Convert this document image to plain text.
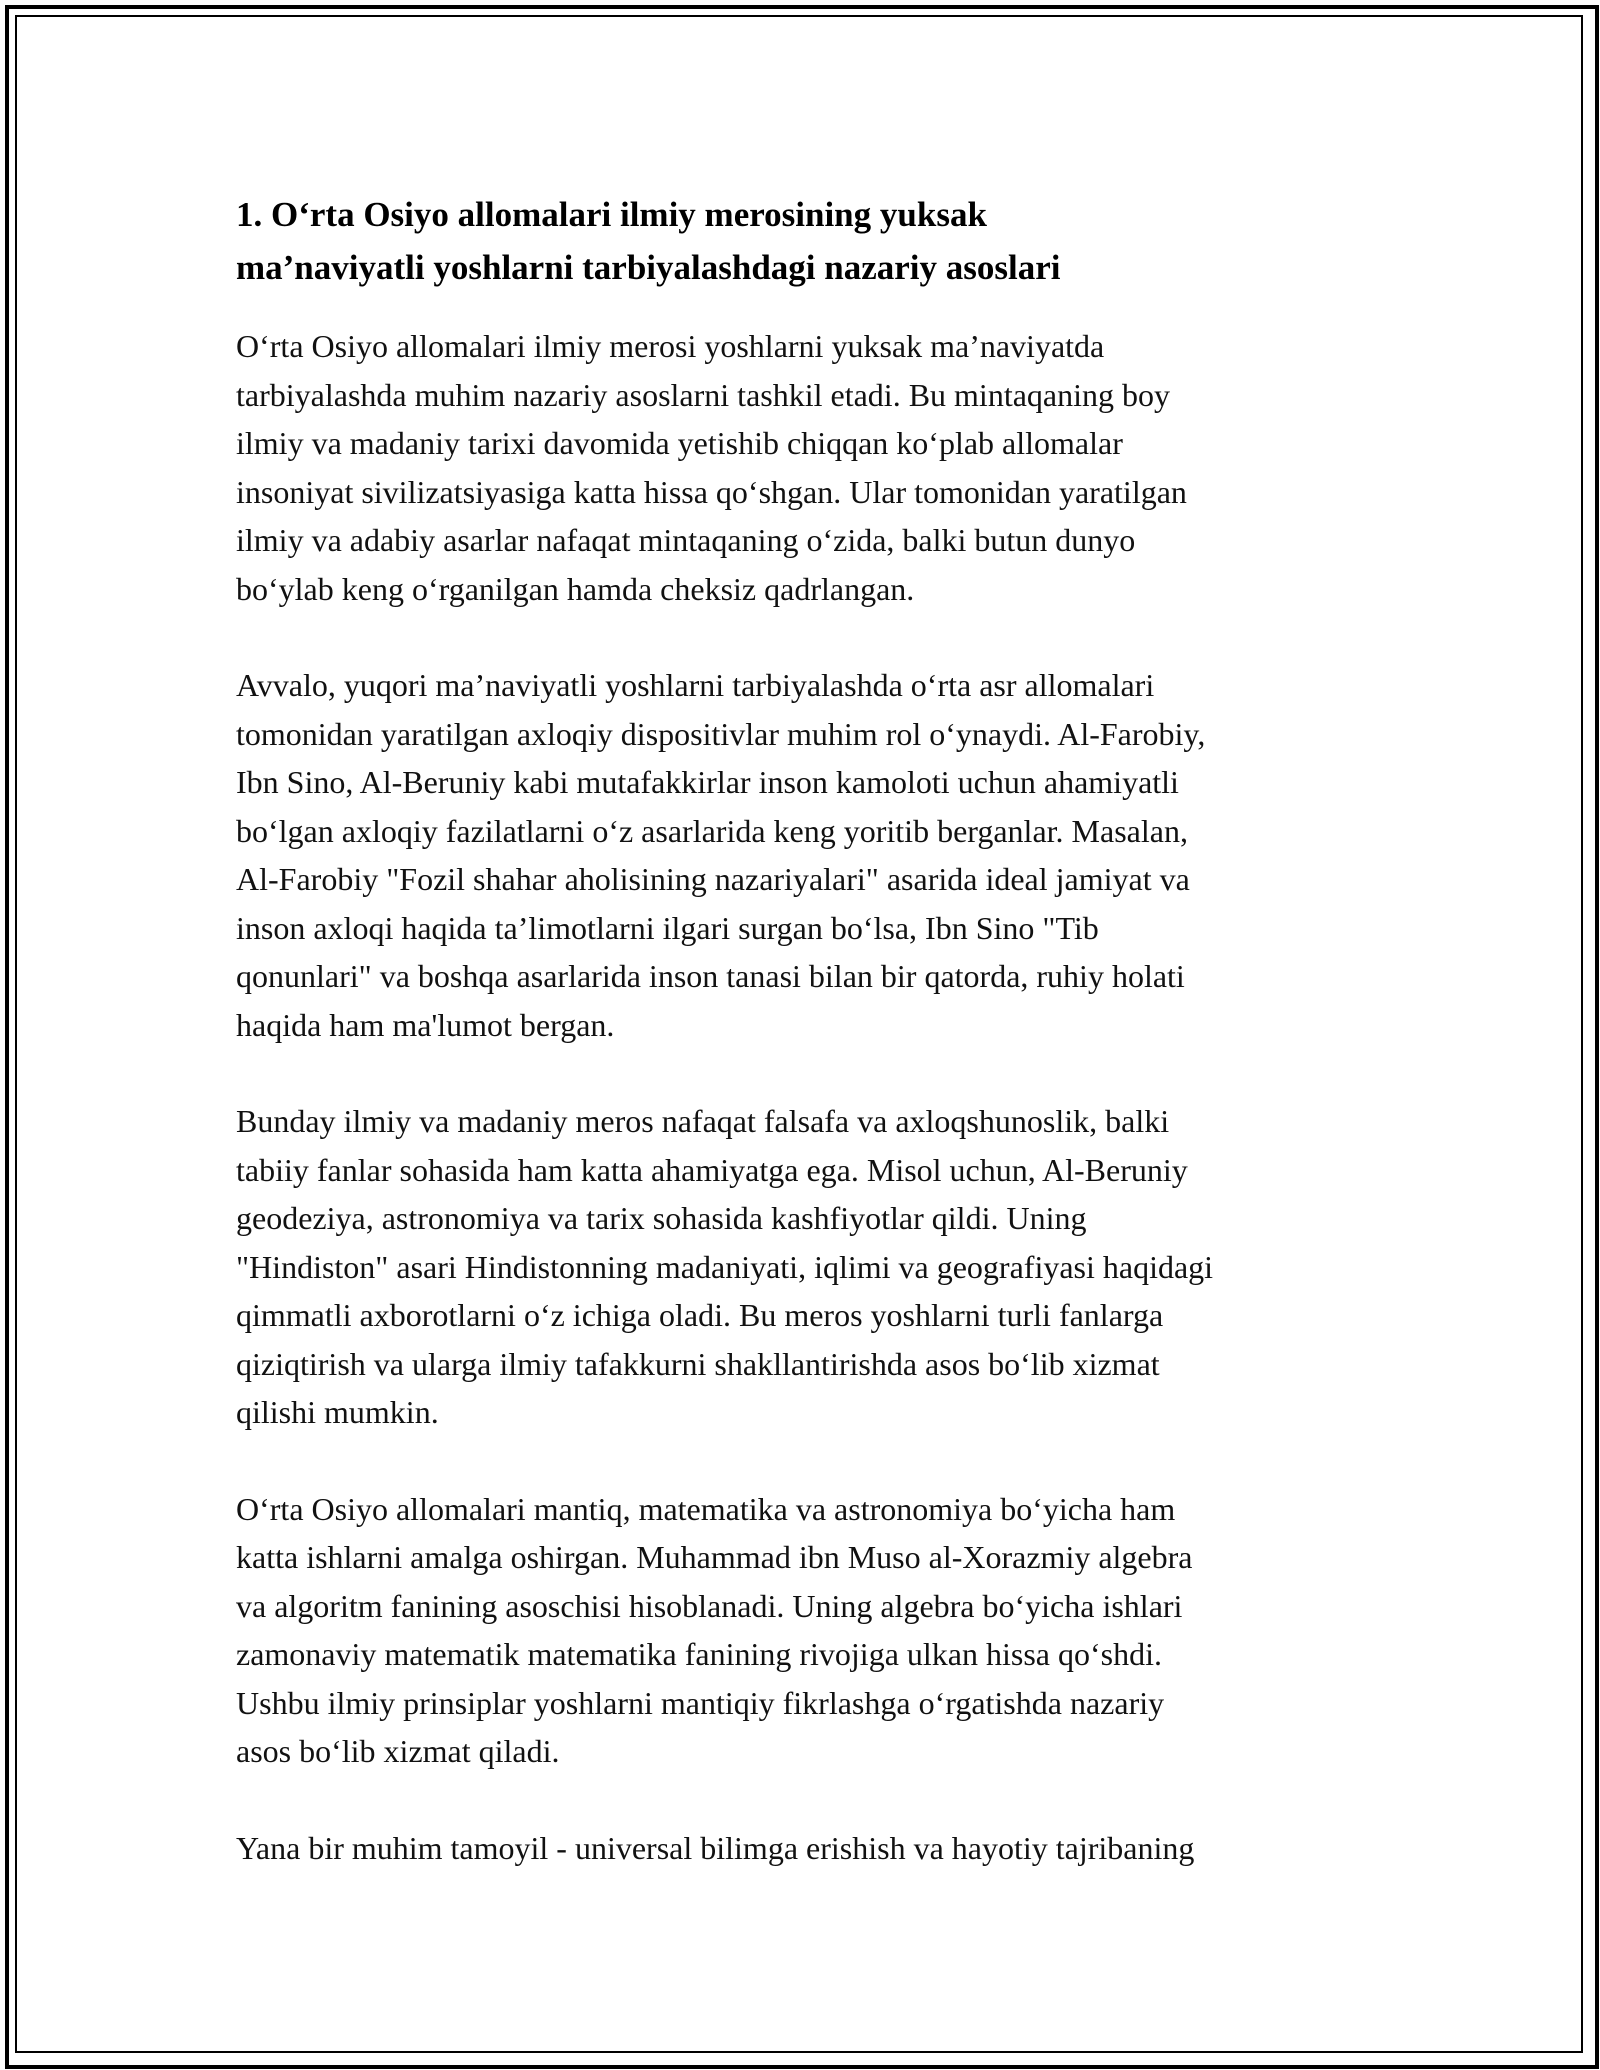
1. O‘rta Osiyo allomalari ilmiy merosining yuksak
ma’naviyatli yoshlarni tarbiyalashdagi nazariy asoslari

O‘rta Osiyo allomalari ilmiy merosi yoshlarni yuksak ma’naviyatda
tarbiyalashda muhim nazariy asoslarni tashkil etadi. Bu mintaqaning boy
ilmiy va madaniy tarixi davomida yetishib chiqqan ko‘plab allomalar
insoniyat sivilizatsiyasiga katta hissa qo‘shgan. Ular tomonidan yaratilgan
ilmiy va adabiy asarlar nafaqat mintaqaning o‘zida, balki butun dunyo
bo‘ylab keng o‘rganilgan hamda cheksiz qadrlangan.

Avvalo, yuqori ma’naviyatli yoshlarni tarbiyalashda o‘rta asr allomalari
tomonidan yaratilgan axloqiy dispositivlar muhim rol o‘ynaydi. Al-Farobiy,
Ibn Sino, Al-Beruniy kabi mutafakkirlar inson kamoloti uchun ahamiyatli
bo‘lgan axloqiy fazilatlarni o‘z asarlarida keng yoritib berganlar. Masalan,
Al-Farobiy "Fozil shahar aholisining nazariyalari" asarida ideal jamiyat va
inson axloqi haqida ta’limotlarni ilgari surgan bo‘lsa, Ibn Sino "Tib
qonunlari" va boshqa asarlarida inson tanasi bilan bir qatorda, ruhiy holati
haqida ham ma'lumot bergan.

Bunday ilmiy va madaniy meros nafaqat falsafa va axloqshunoslik, balki
tabiiy fanlar sohasida ham katta ahamiyatga ega. Misol uchun, Al-Beruniy
geodeziya, astronomiya va tarix sohasida kashfiyotlar qildi. Uning
"Hindiston" asari Hindistonning madaniyati, iqlimi va geografiyasi haqidagi
qimmatli axborotlarni o‘z ichiga oladi. Bu meros yoshlarni turli fanlarga
qiziqtirish va ularga ilmiy tafakkurni shakllantirishda asos bo‘lib xizmat
qilishi mumkin.

O‘rta Osiyo allomalari mantiq, matematika va astronomiya bo‘yicha ham
katta ishlarni amalga oshirgan. Muhammad ibn Muso al-Xorazmiy algebra
va algoritm fanining asoschisi hisoblanadi. Uning algebra bo‘yicha ishlari
zamonaviy matematik matematika fanining rivojiga ulkan hissa qo‘shdi.
Ushbu ilmiy prinsiplar yoshlarni mantiqiy fikrlashga o‘rgatishda nazariy
asos bo‘lib xizmat qiladi.

Yana bir muhim tamoyil - universal bilimga erishish va hayotiy tajribaning
